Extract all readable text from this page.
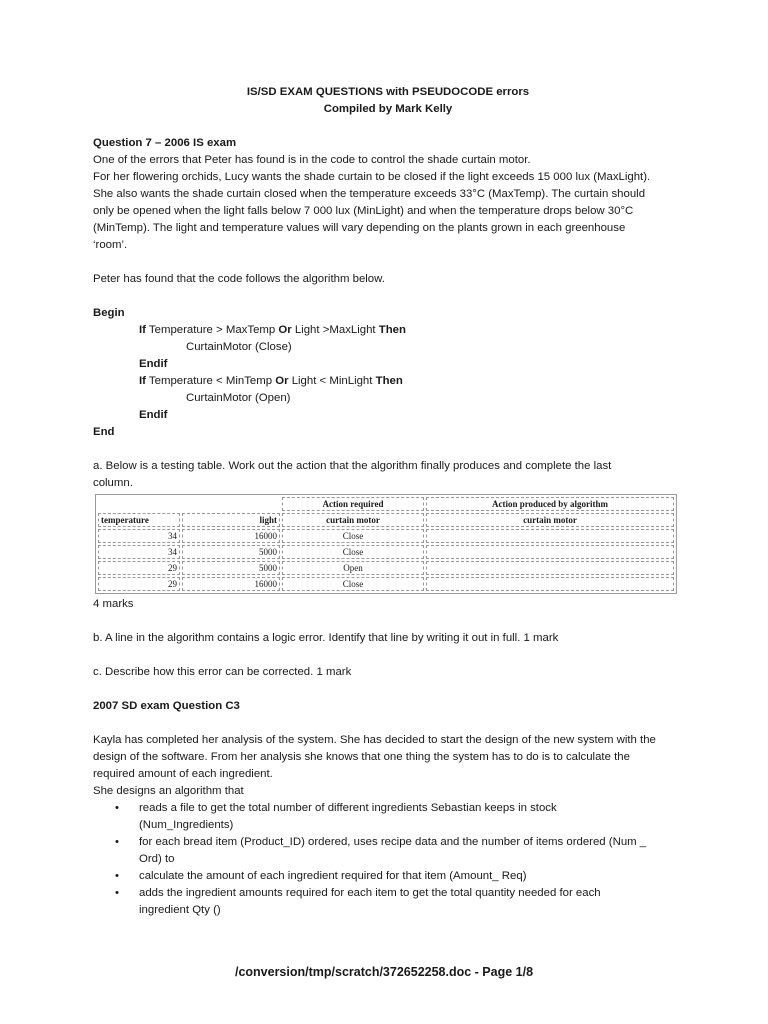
IS/SD EXAM QUESTIONS with PSEUDOCODE errors

Compiled by Mark Kelly

Question 7 – 2006 IS exam

One of the errors that Peter has found is in the code to control the shade curtain motor.

For her flowering orchids, Lucy wants the shade curtain to be closed if the light exceeds 15 000 lux (MaxLight).

She also wants the shade curtain closed when the temperature exceeds 33°C (MaxTemp). The curtain should

only be opened when the light falls below 7 000 lux (MinLight) and when the temperature drops below 30°C

(MinTemp). The light and temperature values will vary depending on the plants grown in each greenhouse

‘room’.

Peter has found that the code follows the algorithm below.

Begin

If Temperature > MaxTemp Or Light >MaxLight Then

CurtainMotor (Close)

Endif

If Temperature < MinTemp Or Light < MinLight Then

CurtainMotor (Open)

Endif

End

a. Below is a testing table. Work out the action that the algorithm finally produces and complete the last

column.

		Action required	Action produced by algorithm
temperature	light	curtain motor	curtain motor
34	16000	Close	
34	5000	Close	
29	5000	Open	
29	16000	Close	

4 marks

b. A line in the algorithm contains a logic error. Identify that line by writing it out in full. 1 mark

c. Describe how this error can be corrected. 1 mark

2007 SD exam Question C3

Kayla has completed her analysis of the system. She has decided to start the design of the new system with the

design of the software. From her analysis she knows that one thing the system has to do is to calculate the

required amount of each ingredient.

She designs an algorithm that

• reads a file to get the total number of different ingredients Sebastian keeps in stock
(Num_Ingredients)
• for each bread item (Product_ID) ordered, uses recipe data and the number of items ordered (Num _
Ord) to
• calculate the amount of each ingredient required for that item (Amount_ Req)
• adds the ingredient amounts required for each item to get the total quantity needed for each
ingredient Qty ()
/conversion/tmp/scratch/372652258.doc - Page 1/8
